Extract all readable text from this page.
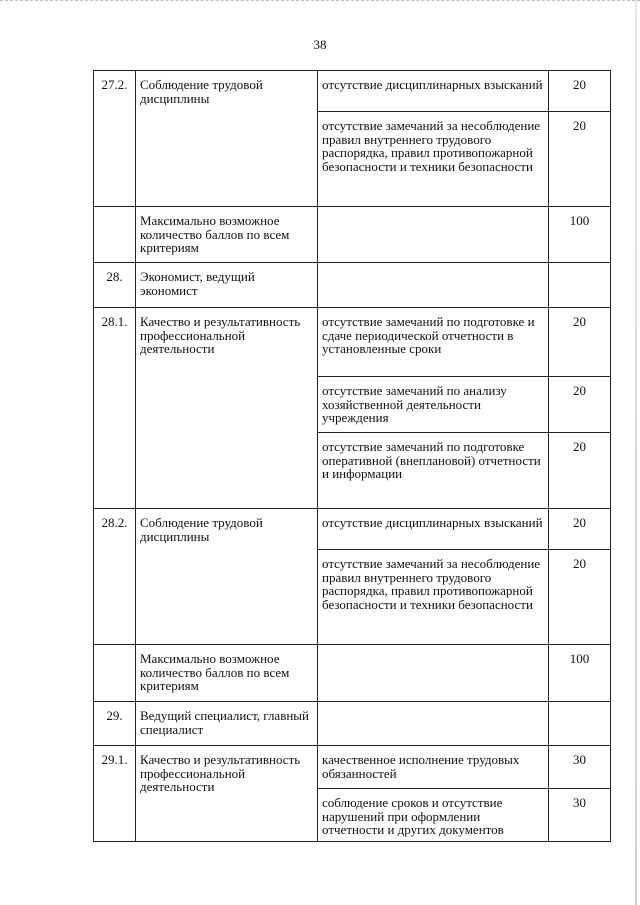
38
27.2.	Соблюдение трудовой дисциплины	отсутствие дисциплинарных взысканий	20
		отсутствие замечаний за несоблюдение правил внутреннего трудового распорядка, правил противопожарной безопасности и техники безопасности	20
	Максимально возможное количество баллов по всем критериям		100
28.	Экономист, ведущий экономист		
28.1.	Качество и результативность профессиональной деятельности	отсутствие замечаний по подготовке и сдаче периодической отчетности в установленные сроки	20
		отсутствие замечаний по анализу хозяйственной деятельности учреждения	20
		отсутствие замечаний по подготовке оперативной (внеплановой) отчетности и информации	20
28.2.	Соблюдение трудовой дисциплины	отсутствие дисциплинарных взысканий	20
		отсутствие замечаний за несоблюдение правил внутреннего трудового распорядка, правил противопожарной безопасности и техники безопасности	20
	Максимально возможное количество баллов по всем критериям		100
29.	Ведущий специалист, главный специалист		
29.1.	Качество и результативность профессиональной деятельности	качественное исполнение трудовых обязанностей	30
		соблюдение сроков и отсутствие нарушений при оформлении отчетности и других документов	30
